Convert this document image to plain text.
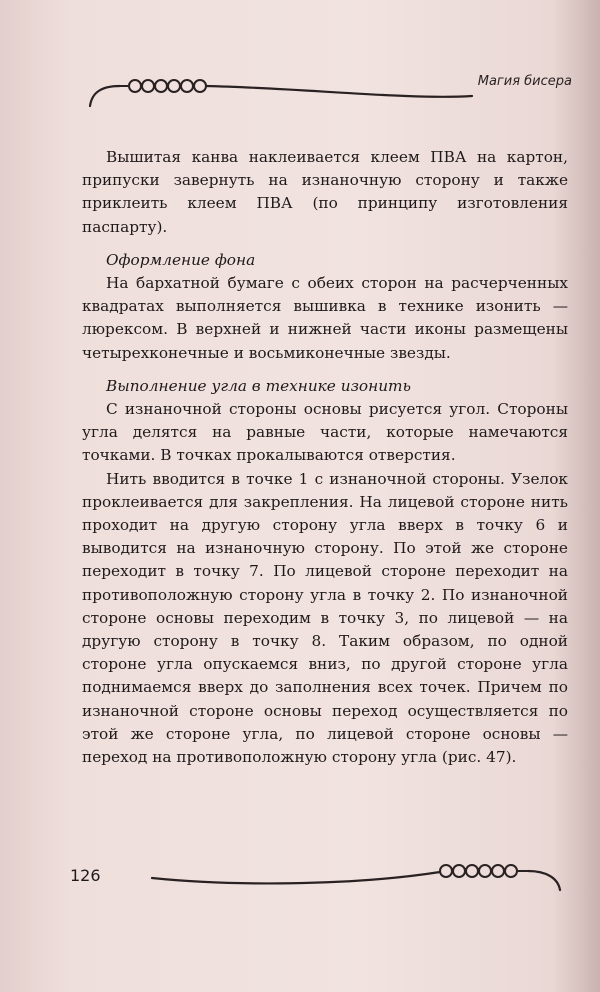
Магия бисера

Вышитая канва наклеивается клеем ПВА на картон, припуски завернуть на изнаночную сторону и также приклеить клеем ПВА (по принципу изготовления паспарту).

Оформление фона

На бархатной бумаге с обеих сторон на расчерченных квадратах выполняется вышивка в технике изонить — люрексом. В верхней и нижней части иконы размещены четырехконечные и восьмиконечные звезды.

Выполнение угла в технике изонить

С изнаночной стороны основы рисуется угол. Стороны угла делятся на равные части, которые намечаются точками. В точках прокалываются отверстия.

Нить вводится в точке 1 с изнаночной стороны. Узелок проклеивается для закрепления. На лицевой стороне нить проходит на другую сторону угла вверх в точку 6 и выводится на изнаночную сторону. По этой же стороне переходит в точку 7. По лицевой стороне переходит на противоположную сторону угла в точку 2. По изнаночной стороне основы переходим в точку 3, по лицевой — на другую сторону в точку 8. Таким образом, по одной стороне угла опускаемся вниз, по другой стороне угла поднимаемся вверх до заполнения всех точек. Причем по изнаночной стороне основы переход осуществляется по этой же стороне угла, по лицевой стороне основы — переход на противоположную сторону угла (рис. 47).

126
